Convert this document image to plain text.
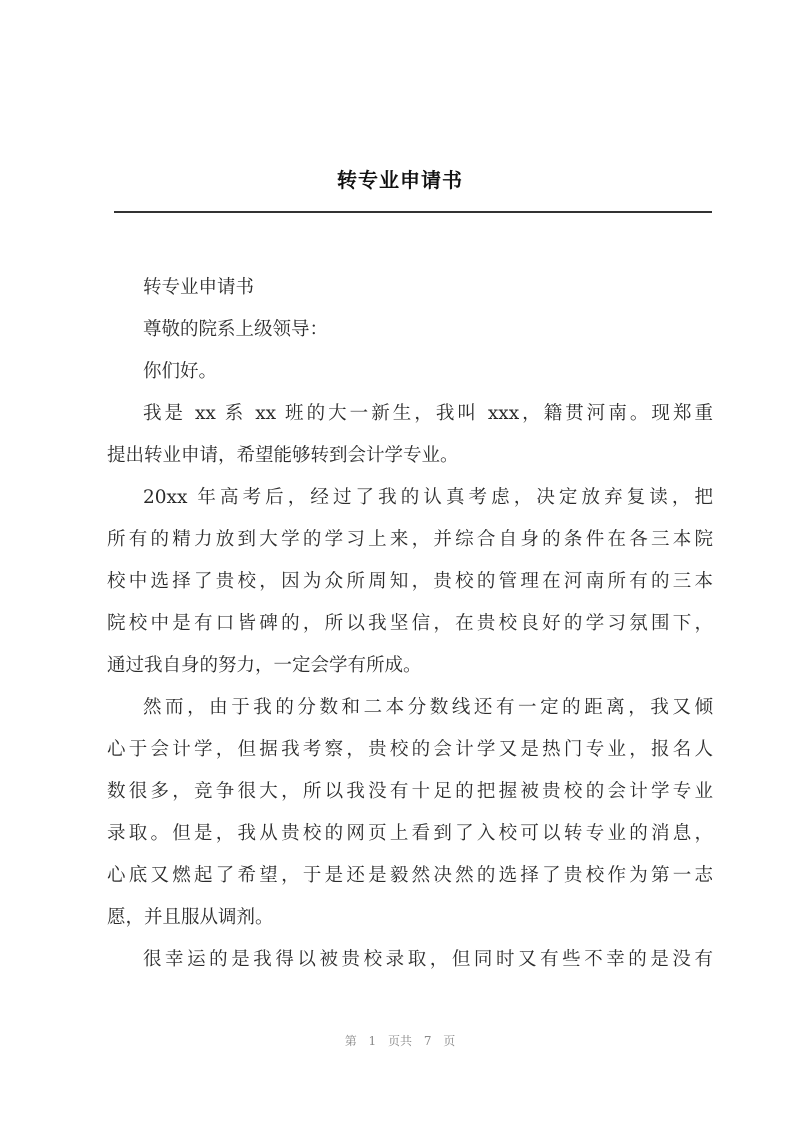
转专业申请书
转专业申请书
尊敬的院系上级领导：
你们好。
我是 xx 系 xx 班的大一新生，我叫 xxx，籍贯河南。现郑重
提出转业申请，希望能够转到会计学专业。
20xx 年高考后，经过了我的认真考虑，决定放弃复读，把
所有的精力放到大学的学习上来，并综合自身的条件在各三本院
校中选择了贵校，因为众所周知，贵校的管理在河南所有的三本
院校中是有口皆碑的，所以我坚信，在贵校良好的学习氛围下，
通过我自身的努力，一定会学有所成。
然而，由于我的分数和二本分数线还有一定的距离，我又倾
心于会计学，但据我考察，贵校的会计学又是热门专业，报名人
数很多，竞争很大，所以我没有十足的把握被贵校的会计学专业
录取。但是，我从贵校的网页上看到了入校可以转专业的消息，
心底又燃起了希望，于是还是毅然决然的选择了贵校作为第一志
愿，并且服从调剂。
很幸运的是我得以被贵校录取，但同时又有些不幸的是没有
第 1 页共 7 页
